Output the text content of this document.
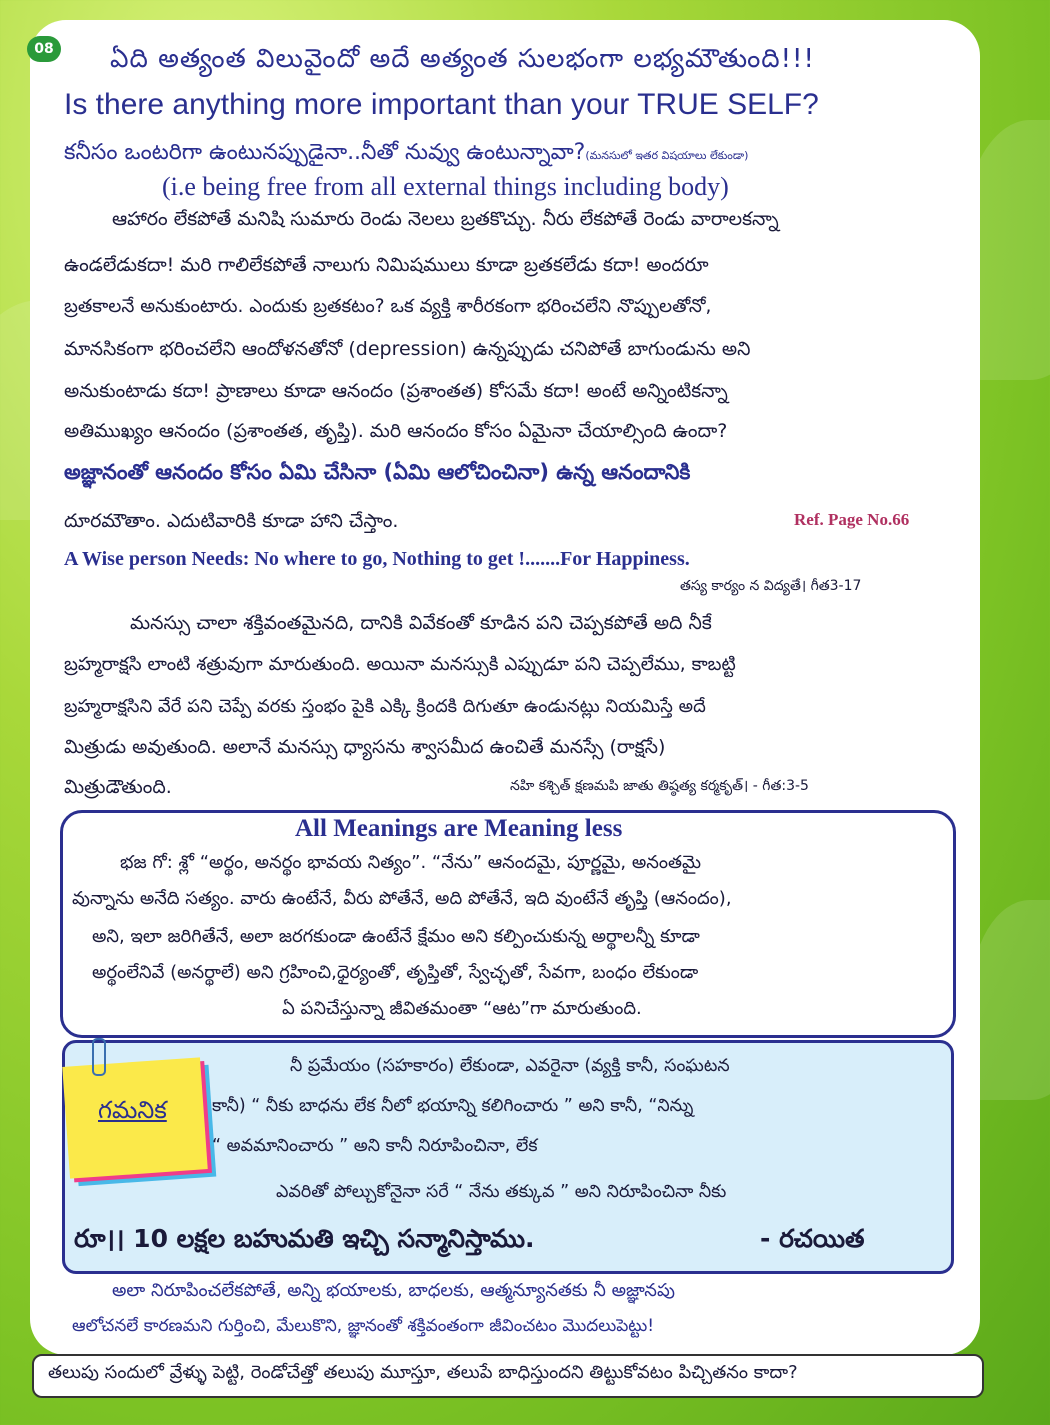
08 ఏది అత్యంత విలువైందో అదే అత్యంత సులభంగా లభ్యమౌతుంది!!!
Is there anything more important than your TRUE SELF?
కనీసం ఒంటరిగా ఉంటునప్పుడైనా..నీతో నువ్వు ఉంటున్నావా?(మనసులో ఇతర విషయాలు లేకుండా)
(i.e being free from all external things including body)
ఆహారం లేకపోతే మనిషి సుమారు రెండు నెలలు బ్రతకొచ్చు. నీరు లేకపోతే రెండు వారాలకన్నా
ఉండలేడుకదా! మరి గాలిలేకపోతే నాలుగు నిమిషములు కూడా బ్రతకలేడు కదా! అందరూ
బ్రతకాలనే అనుకుంటారు. ఎందుకు బ్రతకటం? ఒక వ్యక్తి శారీరకంగా భరించలేని నొప్పులతోనో,
మానసికంగా భరించలేని ఆందోళనతోనో (depression) ఉన్నప్పుడు చనిపోతే బాగుండును అని
అనుకుంటాడు కదా! ప్రాణాలు కూడా ఆనందం (ప్రశాంతత) కోసమే కదా! అంటే అన్నింటికన్నా
అతిముఖ్యం ఆనందం (ప్రశాంతత, తృప్తి). మరి ఆనందం కోసం ఏమైనా చేయాల్సింది ఉందా?
అజ్ఞానంతో ఆనందం కోసం ఏమి చేసినా (ఏమి ఆలోచించినా) ఉన్న ఆనందానికి
దూరమౌతాం. ఎదుటివారికి కూడా హాని చేస్తాం.	Ref. Page No.66
A Wise person Needs: No where to go, Nothing to get !.......For Happiness.
తస్య కార్యం న విద్యతే। గీత3-17
మనస్సు చాలా శక్తివంతమైనది, దానికి వివేకంతో కూడిన పని చెప్పకపోతే అది నీకే
బ్రహ్మరాక్షసి లాంటి శత్రువుగా మారుతుంది. అయినా మనస్సుకి ఎప్పుడూ పని చెప్పలేము, కాబట్టి
బ్రహ్మరాక్షసిని వేరే పని చెప్పే వరకు స్తంభం పైకి ఎక్కి క్రిందకి దిగుతూ ఉండునట్లు నియమిస్తే అదే
మిత్రుడు అవుతుంది. అలానే మనస్సు ధ్యాసను శ్వాసమీద ఉంచితే మనస్సే (రాక్షసే)
మిత్రుడౌతుంది.	నహి కశ్చిత్ క్షణమపి జాతు తిష్ఠత్య కర్మకృత్। - గీత:3-5
All Meanings are Meaning less
భజ గో: శ్లో “అర్థం, అనర్థం భావయ నిత్యం”. “నేను” ఆనందమై, పూర్ణమై, అనంతమై
వున్నాను అనేది సత్యం. వారు ఉంటేనే, వీరు పోతేనే, అది పోతేనే, ఇది వుంటేనే తృప్తి (ఆనందం),
అని, ఇలా జరిగితేనే, అలా జరగకుండా ఉంటేనే క్షేమం అని కల్పించుకున్న అర్థాలన్నీ కూడా
అర్థంలేనివే (అనర్థాలే) అని గ్రహించి,ధైర్యంతో, తృప్తితో, స్వేచ్ఛతో, సేవగా, బంధం లేకుండా
ఏ పనిచేస్తున్నా జీవితమంతా “ఆట”గా మారుతుంది.
గమనిక
నీ ప్రమేయం (సహకారం) లేకుండా, ఎవరైనా (వ్యక్తి కానీ, సంఘటన
కానీ) “ నీకు బాధను లేక నీలో భయాన్ని కలిగించారు ” అని కానీ, “నిన్ను
“ అవమానించారు ” అని కానీ నిరూపించినా, లేక
ఎవరితో పోల్చుకోనైనా సరే “ నేను తక్కువ ” అని నిరూపించినా నీకు
రూ।। 10 లక్షల బహుమతి ఇచ్చి సన్మానిస్తాము.	- రచయిత
అలా నిరూపించలేకపోతే, అన్ని భయాలకు, బాధలకు, ఆత్మన్యూనతకు నీ అజ్ఞానపు
ఆలోచనలే కారణమని గుర్తించి, మేలుకొని, జ్ఞానంతో శక్తివంతంగా జీవించటం మొదలుపెట్టు!
తలుపు సందులో వ్రేళ్ళు పెట్టి, రెండోచేత్తో తలుపు మూస్తూ, తలుపే బాధిస్తుందని తిట్టుకోవటం పిచ్చితనం కాదా?
